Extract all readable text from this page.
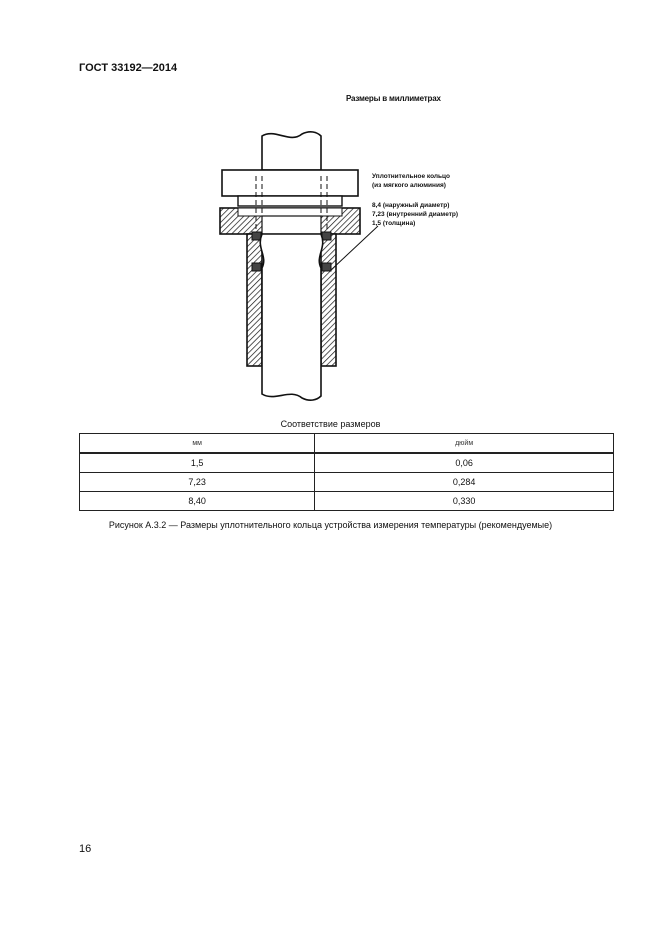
ГОСТ 33192—2014
Размеры в миллиметрах
Уплотнительное кольцо
(из мягкого алюминия)
8,4 (наружный диаметр)
7,23 (внутренний диаметр)
1,5 (толщина)
Соответствие размеров
мм	дюйм
1,5	0,06
7,23	0,284
8,40	0,330
Рисунок А.3.2 — Размеры уплотнительного кольца устройства измерения температуры (рекомендуемые)
16
